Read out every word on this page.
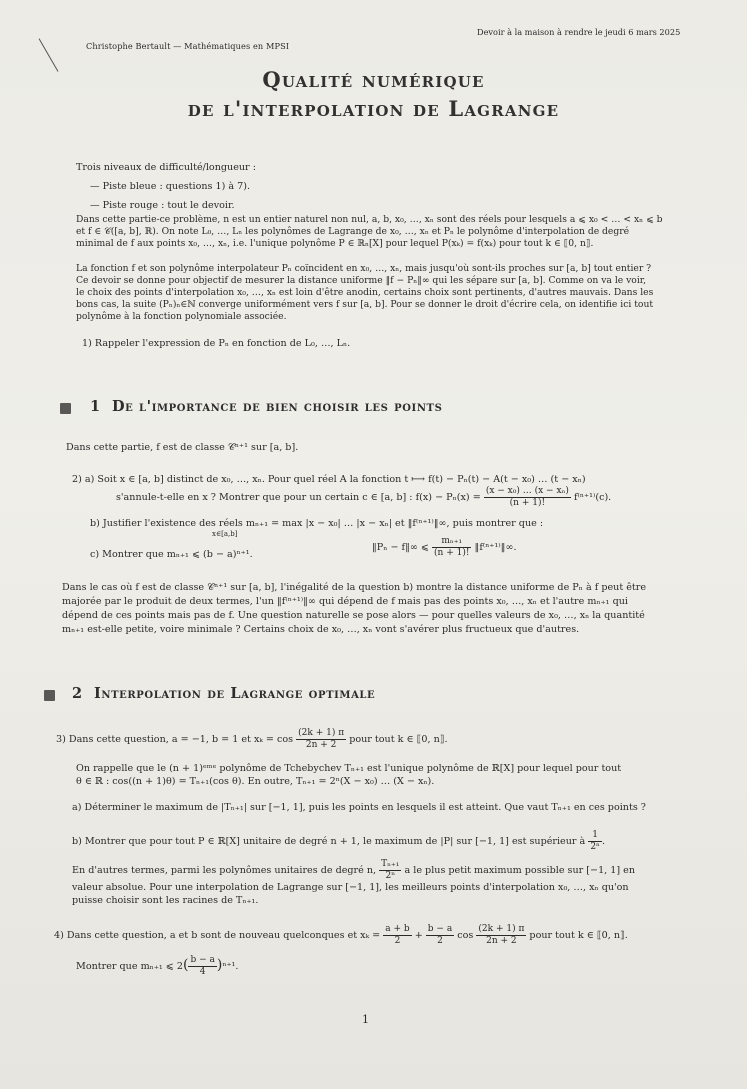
Christophe Bertault — Mathématiques en MPSI
Devoir à la maison à rendre le jeudi 6 mars 2025
Qualité numérique
de l'interpolation de Lagrange
Trois niveaux de difficulté/longueur :
— Piste bleue : questions 1) à 7).
— Piste rouge : tout le devoir.
Dans cette partie-ce problème, n est un entier naturel non nul, a, b, x₀, …, xₙ sont des réels pour lesquels a ⩽ x₀ < … < xₙ ⩽ b
et f ∈ 𝒞([a, b], ℝ). On note L₀, …, Lₙ les polynômes de Lagrange de x₀, …, xₙ et Pₙ le polynôme d'interpolation de degré
minimal de f aux points x₀, …, xₙ, i.e. l'unique polynôme P ∈ ℝₙ[X] pour lequel P(xₖ) = f(xₖ) pour tout k ∈ ⟦0, n⟧.
La fonction f et son polynôme interpolateur Pₙ coïncident en x₀, …, xₙ, mais jusqu'où sont-ils proches sur [a, b] tout entier ?
Ce devoir se donne pour objectif de mesurer la distance uniforme ‖f − Pₙ‖∞ qui les sépare sur [a, b]. Comme on va le voir,
le choix des points d'interpolation x₀, …, xₙ est loin d'être anodin, certains choix sont pertinents, d'autres mauvais. Dans les
bons cas, la suite (Pₙ)ₙ∈ℕ converge uniformément vers f sur [a, b]. Pour se donner le droit d'écrire cela, on identifie ici tout
polynôme à la fonction polynomiale associée.
1) Rappeler l'expression de Pₙ en fonction de L₀, …, Lₙ.
1 De l'importance de bien choisir les points
Dans cette partie, f est de classe 𝒞ⁿ⁺¹ sur [a, b].
2) a) Soit x ∈ [a, b] distinct de x₀, …, xₙ. Pour quel réel A la fonction t ⟼ f(t) − Pₙ(t) − A(t − x₀) … (t − xₙ)
s'annule-t-elle en x ? Montrer que pour un certain c ∈ [a, b] : $f(x) - P_n(x) = \frac{\text{(x − x₀) … (x − xₙ)}}{(n + 1)!} f^{(n+1)}(c)$.
b) Justifier l'existence des réels mₙ₊₁ = max |x − x₀| … |x − xₙ| et ‖f⁽ⁿ⁺¹⁾‖∞, puis montrer que :
x∈[a,b]
c) Montrer que mₙ₊₁ ⩽ (b − a)ⁿ⁺¹.
‖Pₙ − f‖∞ ⩽ $\frac{\text{mₙ₊₁}}{(n + 1)!}$ ‖f⁽ⁿ⁺¹⁾‖∞.
Dans le cas où f est de classe 𝒞ⁿ⁺¹ sur [a, b], l'inégalité de la question b) montre la distance uniforme de Pₙ à f peut être
majorée par le produit de deux termes, l'un ‖f⁽ⁿ⁺¹⁾‖∞ qui dépend de f mais pas des points x₀, …, xₙ et l'autre mₙ₊₁ qui
dépend de ces points mais pas de f. Une question naturelle se pose alors — pour quelles valeurs de x₀, …, xₙ la quantité
mₙ₊₁ est-elle petite, voire minimale ? Certains choix de x₀, …, xₙ vont s'avérer plus fructueux que d'autres.
2 Interpolation de Lagrange optimale
3) Dans cette question, a = −1, b = 1 et $x_k = \cos \frac{(2k + 1) \pi}{2n + 2}$ pour tout k ∈ ⟦0, n⟧.
On rappelle que le (n + 1)ᵉᵐᵉ polynôme de Tchebychev Tₙ₊₁ est l'unique polynôme de ℝ[X] pour lequel pour tout
θ ∈ ℝ : cos((n + 1)θ) = Tₙ₊₁(cos θ). En outre, Tₙ₊₁ = 2ⁿ(X − x₀) … (X − xₙ).
a) Déterminer le maximum de |Tₙ₊₁| sur [−1, 1], puis les points en lesquels il est atteint. Que vaut Tₙ₊₁ en ces points ?
b) Montrer que pour tout P ∈ ℝ[X] unitaire de degré n + 1, le maximum de |P| sur [−1, 1] est supérieur à $\frac{1}{\text{2ⁿ}}$ .
En d'autres termes, parmi les polynômes unitaires de degré n, $\frac{\text{Tₙ₊₁}}{\text{2ⁿ}}$ a le plus petit maximum possible sur [−1, 1] en
valeur absolue. Pour une interpolation de Lagrange sur [−1, 1], les meilleurs points d'interpolation x₀, …, xₙ qu'on
puisse choisir sont les racines de Tₙ₊₁.
4) Dans cette question, a et b sont de nouveau quelconques et $x_k = \frac{a + b}{2} + \frac{b - a}{2}$ $\cos \frac{(2k + 1) \pi}{2n + 2}$ pour tout k ∈ ⟦0, n⟧.
Montrer que mₙ₊₁ ⩽ $2( \frac{b - a}{4} )^{n+1}$.
1
